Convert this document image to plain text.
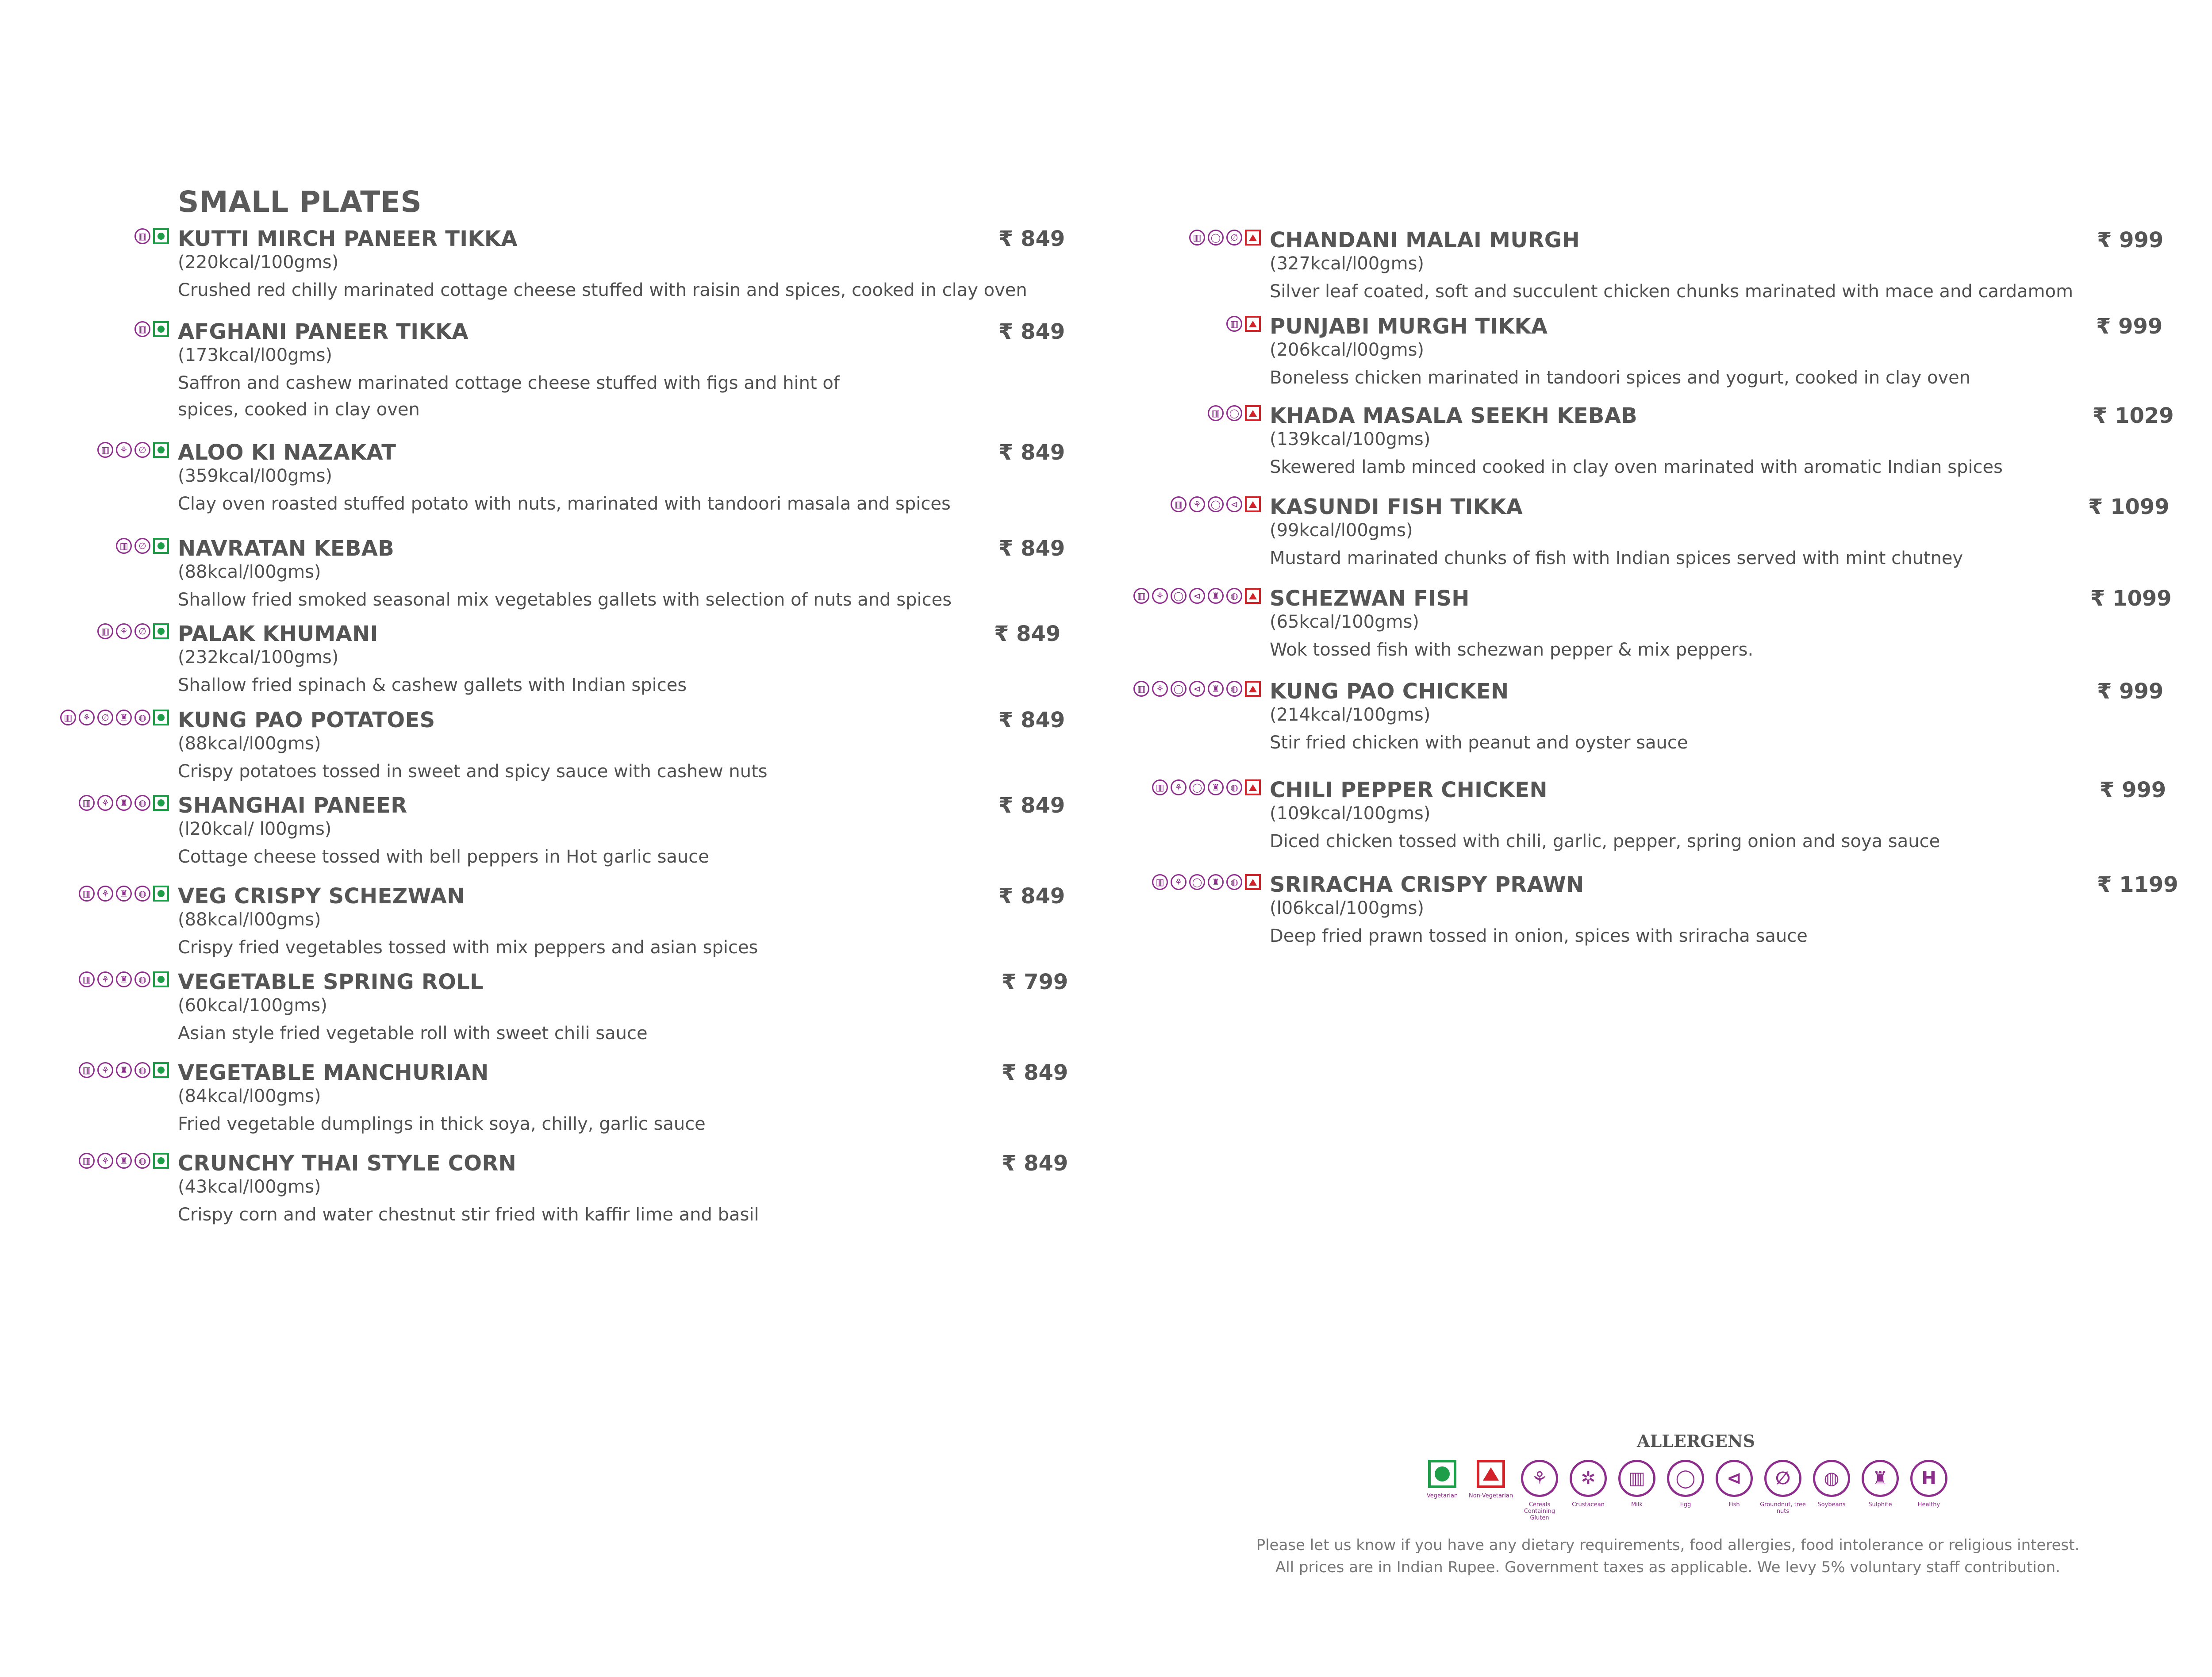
SMALL PLATES
KUTTI MIRCH PANEER TIKKA
(220kcal/100gms)
Crushed red chilly marinated cottage cheese stuffed with raisin and spices, cooked in clay oven
₹ 849
▥
AFGHANI PANEER TIKKA
(173kcal/l00gms)
Saffron and cashew marinated cottage cheese stuffed with figs and hint of spices, cooked in clay oven
₹ 849
▥
ALOO KI NAZAKAT
(359kcal/l00gms)
Clay oven roasted stuffed potato with nuts, marinated with tandoori masala and spices
₹ 849
▥	⚘	∅
NAVRATAN KEBAB
(88kcal/l00gms)
Shallow fried smoked seasonal mix vegetables gallets with selection of nuts and spices
₹ 849
▥	∅
PALAK KHUMANI
(232kcal/100gms)
Shallow fried spinach & cashew gallets with Indian spices
₹ 849
▥	⚘	∅
KUNG PAO POTATOES
(88kcal/l00gms)
Crispy potatoes tossed in sweet and spicy sauce with cashew nuts
₹ 849
▥	⚘	∅	♜	◍
SHANGHAI PANEER
(l20kcal/ l00gms)
Cottage cheese tossed with bell peppers in Hot garlic sauce
₹ 849
▥	⚘	♜	◍
VEG CRISPY SCHEZWAN
(88kcal/l00gms)
Crispy fried vegetables tossed with mix peppers and asian spices
₹ 849
▥	⚘	♜	◍
VEGETABLE SPRING ROLL
(60kcal/100gms)
Asian style fried vegetable roll with sweet chili sauce
₹ 799
▥	⚘	♜	◍
VEGETABLE MANCHURIAN
(84kcal/l00gms)
Fried vegetable dumplings in thick soya, chilly, garlic sauce
₹ 849
▥	⚘	♜	◍
CRUNCHY THAI STYLE CORN
(43kcal/l00gms)
Crispy corn and water chestnut stir fried with kaffir lime and basil
₹ 849
▥	⚘	♜	◍
CHANDANI MALAI MURGH
(327kcal/l00gms)
Silver leaf coated, soft and succulent chicken chunks marinated with mace and cardamom
₹ 999
▥	◯	∅
PUNJABI MURGH TIKKA
(206kcal/l00gms)
Boneless chicken marinated in tandoori spices and yogurt, cooked in clay oven
₹ 999
▥
KHADA MASALA SEEKH KEBAB
(139kcal/100gms)
Skewered lamb minced cooked in clay oven marinated with aromatic Indian spices
₹ 1029
▥	◯
KASUNDI FISH TIKKA
(99kcal/l00gms)
Mustard marinated chunks of fish with Indian spices served with mint chutney
₹ 1099
▥	⚘	◯	⊲
SCHEZWAN FISH
(65kcal/100gms)
Wok tossed fish with schezwan pepper & mix peppers.
₹ 1099
▥	⚘	◯	⊲	♜	◍
KUNG PAO CHICKEN
(214kcal/100gms)
Stir fried chicken with peanut and oyster sauce
₹ 999
▥	⚘	◯	⊲	♜	◍
CHILI PEPPER CHICKEN
(109kcal/100gms)
Diced chicken tossed with chili, garlic, pepper, spring onion and soya sauce
₹ 999
▥	⚘	◯	♜	◍
SRIRACHA CRISPY PRAWN
(l06kcal/100gms)
Deep fried prawn tossed in onion, spices with sriracha sauce
₹ 1199
▥	⚘	◯	♜	◍
ALLERGENS
Vegetarian	Non-Vegetarian
⚘
Cereals Containing Gluten
✲
Crustacean
▥
Milk
◯
Egg
⊲
Fish
∅
Groundnut, tree nuts
◍
Soybeans
♜
Sulphite
H
Healthy
Please let us know if you have any dietary requirements, food allergies, food intolerance or religious interest.
All prices are in Indian Rupee. Government taxes as applicable. We levy 5% voluntary staff contribution.
